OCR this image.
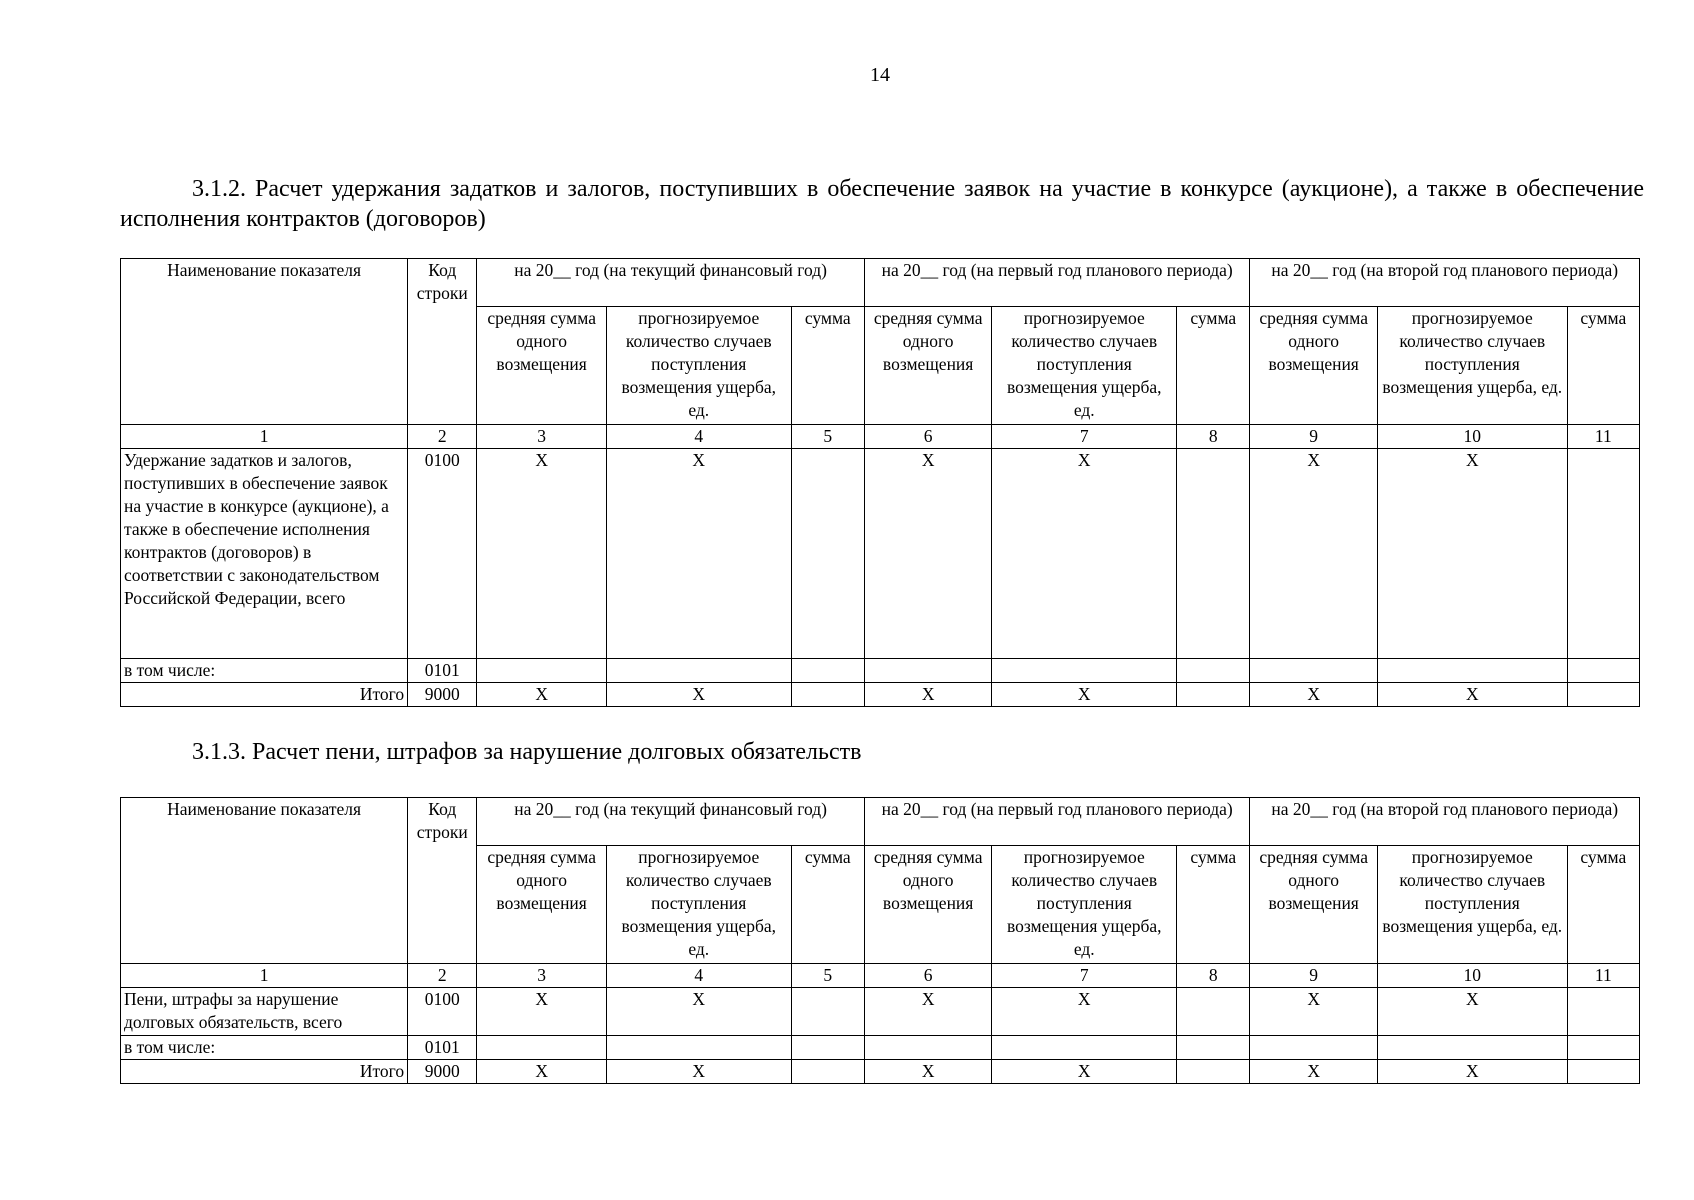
14
3.1.2. Расчет удержания задатков и залогов, поступивших в обеспечение заявок на участие в конкурсе (аукционе), а также в обеспечение исполнения контрактов (договоров)
Наименование показателя	Код строки	на 20__ год (на текущий финансовый год)			на 20__ год (на первый год планового периода)			на 20__ год (на второй год планового периода)		
		средняя сумма одного возмещения	прогнозируемое количество случаев поступления возмещения ущерба, ед.	сумма	средняя сумма одного возмещения	прогнозируемое количество случаев поступления возмещения ущерба, ед.	сумма	средняя сумма одного возмещения	прогнозируемое количество случаев поступления возмещения ущерба, ед.	сумма
1	2	3	4	5	6	7	8	9	10	11
Удержание задатков и залогов, поступивших в обеспечение заявок на участие в конкурсе (аукционе), а также в обеспечение исполнения контрактов (договоров) в соответствии с законодательством Российской Федерации, всего	0100	X	X		X	X		X	X	
в том числе:	0101									
Итого	9000	X	X		X	X		X	X	
3.1.3. Расчет пени, штрафов за нарушение долговых обязательств
Наименование показателя	Код строки	на 20__ год (на текущий финансовый год)			на 20__ год (на первый год планового периода)			на 20__ год (на второй год планового периода)		
		средняя сумма одного возмещения	прогнозируемое количество случаев поступления возмещения ущерба, ед.	сумма	средняя сумма одного возмещения	прогнозируемое количество случаев поступления возмещения ущерба, ед.	сумма	средняя сумма одного возмещения	прогнозируемое количество случаев поступления возмещения ущерба, ед.	сумма
1	2	3	4	5	6	7	8	9	10	11
Пени, штрафы за нарушение долговых обязательств, всего	0100	X	X		X	X		X	X	
в том числе:	0101									
Итого	9000	X	X		X	X		X	X	
